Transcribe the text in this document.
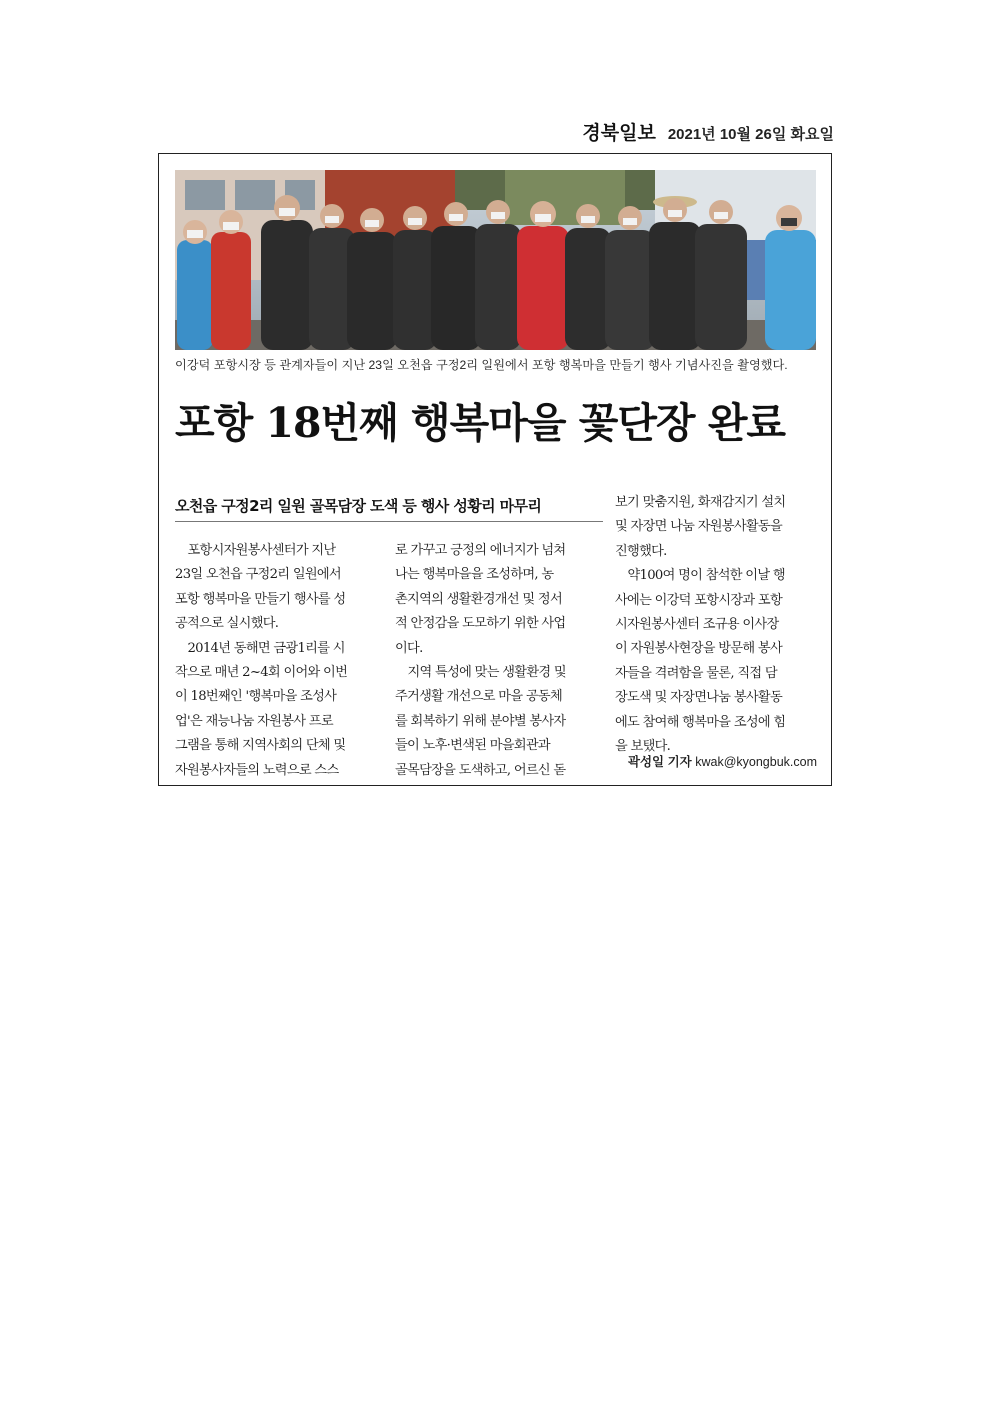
경북일보 2021년 10월 26일 화요일
이강덕 포항시장 등 관계자들이 지난 23일 오천읍 구정2리 일원에서 포항 행복마을 만들기 행사 기념사진을 촬영했다.
포항 18번째 행복마을 꽃단장 완료
오천읍 구정2리 일원 골목담장 도색 등 행사 성황리 마무리
　포항시자원봉사센터가 지난
23일 오천읍 구정2리 일원에서
포항 행복마을 만들기 행사를 성
공적으로 실시했다.
　2014년 동해면 금광1리를 시
작으로 매년 2~4회 이어와 이번
이 18번째인 '행복마을 조성사
업'은 재능나눔 자원봉사 프로
그램을 통해 지역사회의 단체 및
자원봉사자들의 노력으로 스스
로 가꾸고 긍정의 에너지가 넘쳐
나는 행복마을을 조성하며, 농
촌지역의 생활환경개선 및 정서
적 안정감을 도모하기 위한 사업
이다.
　지역 특성에 맞는 생활환경 및
주거생활 개선으로 마을 공동체
를 회복하기 위해 분야별 봉사자
들이 노후·변색된 마을회관과
골목담장을 도색하고, 어르신 돋
보기 맞춤지원, 화재감지기 설치
및 자장면 나눔 자원봉사활동을
진행했다.
　약100여 명이 참석한 이날 행
사에는 이강덕 포항시장과 포항
시자원봉사센터 조규용 이사장
이 자원봉사현장을 방문해 봉사
자들을 격려함을 물론, 직접 담
장도색 및 자장면나눔 봉사활동
에도 참여해 행복마을 조성에 힘
을 보탰다.
곽성일 기자 kwak@kyongbuk.com
